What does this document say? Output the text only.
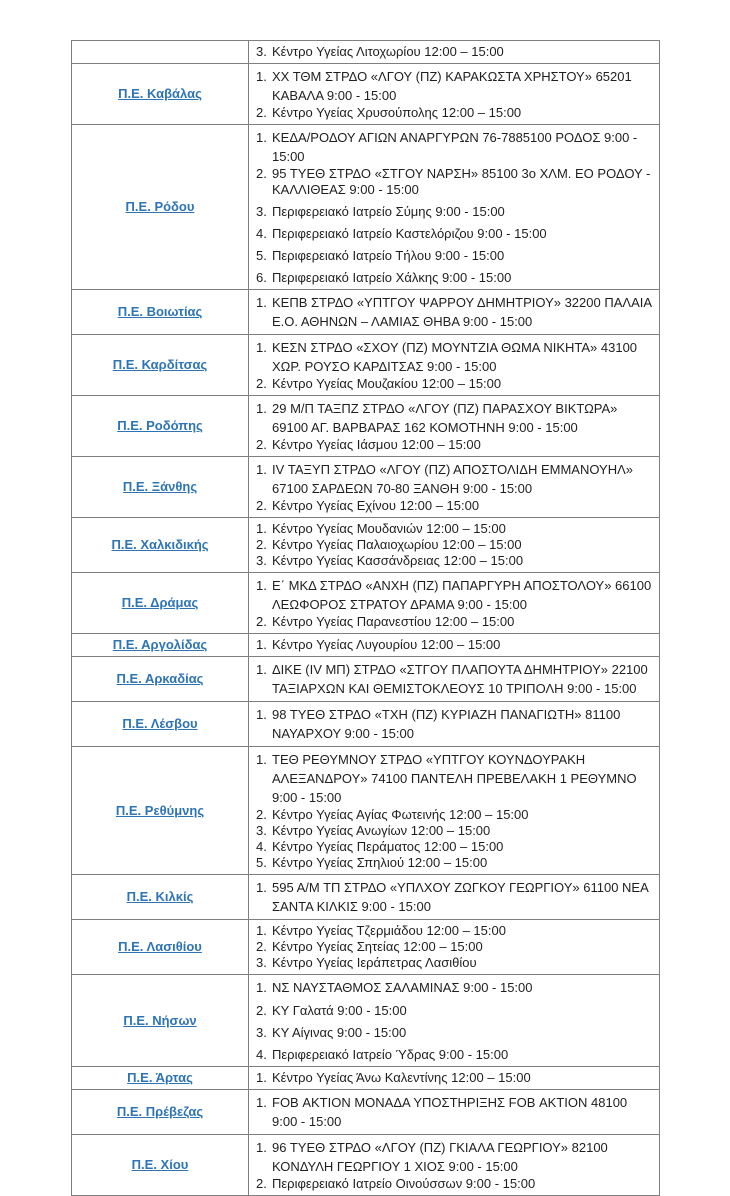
	3. Κέντρο Υγείας Λιτοχωρίου 12:00 – 15:00

Π.Ε. Καβάλας	1. ΧΧ ΤΘΜ ΣΤΡΔΟ «ΛΓΟΥ (ΠΖ) ΚΑΡΑΚΩΣΤΑ ΧΡΗΣΤΟΥ» 65201 ΚΑΒΑΛΑ 9:00 - 15:00
2. Κέντρο Υγείας Χρυσούπολης 12:00 – 15:00

Π.Ε. Ρόδου	
1. ΚΕΔΑ/ΡΟΔΟΥ ΑΓΙΩΝ ΑΝΑΡΓΥΡΩΝ 76-7885100 ΡΟΔΟΣ 9:00 - 15:00
2. 95 ΤΥΕΘ ΣΤΡΔΟ «ΣΤΓΟΥ ΝΑΡΣΗ» 85100 3ο ΧΛΜ. ΕΟ ΡΟΔΟΥ - ΚΑΛΛΙΘΕΑΣ 9:00 - 15:00
3. Περιφερειακό Ιατρείο Σύμης 9:00 - 15:00
4. Περιφερειακό Ιατρείο Καστελόριζου 9:00 - 15:00
5. Περιφερειακό Ιατρείο Τήλου 9:00 - 15:00
6. Περιφερειακό Ιατρείο Χάλκης 9:00 - 15:00

Π.Ε. Βοιωτίας	1. ΚΕΠΒ ΣΤΡΔΟ «ΥΠΤΓΟΥ ΨΑΡΡΟΥ ΔΗΜΗΤΡΙΟΥ» 32200 ΠΑΛΑΙΑ Ε.Ο. ΑΘΗΝΩΝ – ΛΑΜΙΑΣ ΘΗΒΑ 9:00 - 15:00

Π.Ε. Καρδίτσας	1. ΚΕΣΝ ΣΤΡΔΟ «ΣΧΟΥ (ΠΖ) ΜΟΥΝΤΖΙΑ ΘΩΜΑ ΝΙΚΗΤΑ» 43100 ΧΩΡ. ΡΟΥΣΟ ΚΑΡΔΙΤΣΑΣ 9:00 - 15:00
2. Κέντρο Υγείας Μουζακίου 12:00 – 15:00

Π.Ε. Ροδόπης	1. 29 Μ/Π ΤΑΞΠΖ ΣΤΡΔΟ «ΛΓΟΥ (ΠΖ) ΠΑΡΑΣΧΟΥ ΒΙΚΤΩΡΑ» 69100 ΑΓ. ΒΑΡΒΑΡΑΣ 162 ΚΟΜΟΤΗΝΗ 9:00 - 15:00
2. Κέντρο Υγείας Ιάσμου 12:00 – 15:00

Π.Ε. Ξάνθης	1. IV ΤΑΞΥΠ ΣΤΡΔΟ «ΛΓΟΥ (ΠΖ) ΑΠΟΣΤΟΛΙΔΗ ΕΜΜΑΝΟΥΗΛ» 67100 ΣΑΡΔΕΩΝ 70-80 ΞΑΝΘΗ 9:00 - 15:00
2. Κέντρο Υγείας Εχίνου 12:00 – 15:00

Π.Ε. Χαλκιδικής	
1. Κέντρο Υγείας Μουδανιών 12:00 – 15:00
2. Κέντρο Υγείας Παλαιοχωρίου 12:00 – 15:00
3. Κέντρο Υγείας Κασσάνδρειας 12:00 – 15:00

Π.Ε. Δράμας	1. Ε΄ ΜΚΔ ΣΤΡΔΟ «ΑΝΧΗ (ΠΖ) ΠΑΠΑΡΓΥΡΗ ΑΠΟΣΤΟΛΟΥ» 66100 ΛΕΩΦΟΡΟΣ ΣΤΡΑΤΟΥ ΔΡΑΜΑ 9:00 - 15:00
2. Κέντρο Υγείας Παρανεστίου 12:00 – 15:00

Π.Ε. Αργολίδας	1. Κέντρο Υγείας Λυγουρίου 12:00 – 15:00

Π.Ε. Αρκαδίας	1. ΔΙΚΕ (IV ΜΠ) ΣΤΡΔΟ «ΣΤΓΟΥ ΠΛΑΠΟΥΤΑ ΔΗΜΗΤΡΙΟΥ» 22100 ΤΑΞΙΑΡΧΩΝ ΚΑΙ ΘΕΜΙΣΤΟΚΛΕΟΥΣ 10 ΤΡΙΠΟΛΗ 9:00 - 15:00

Π.Ε. Λέσβου	1. 98 ΤΥΕΘ ΣΤΡΔΟ «ΤΧΗ (ΠΖ) ΚΥΡΙΑΖΗ ΠΑΝΑΓΙΩΤΗ» 81100 ΝΑΥΑΡΧΟΥ 9:00 - 15:00

Π.Ε. Ρεθύμνης	
1. ΤΕΘ ΡΕΘΥΜΝΟΥ ΣΤΡΔΟ «ΥΠΤΓΟΥ ΚΟΥΝΔΟΥΡΑΚΗ ΑΛΕΞΑΝΔΡΟΥ» 74100 ΠΑΝΤΕΛΗ ΠΡΕΒΕΛΑΚΗ 1 ΡΕΘΥΜΝΟ 9:00 - 15:00
2. Κέντρο Υγείας Αγίας Φωτεινής 12:00 – 15:00
3. Κέντρο Υγείας Ανωγίων 12:00 – 15:00
4. Κέντρο Υγείας Περάματος 12:00 – 15:00
5. Κέντρο Υγείας Σπηλιού 12:00 – 15:00

Π.Ε. Κιλκίς	1. 595 Α/Μ ΤΠ ΣΤΡΔΟ «ΥΠΛΧΟΥ ΖΩΓΚΟΥ ΓΕΩΡΓΙΟΥ» 61100 ΝΕΑ ΣΑΝΤΑ ΚΙΛΚΙΣ 9:00 - 15:00

Π.Ε. Λασιθίου	
1. Κέντρο Υγείας Τζερμιάδου 12:00 – 15:00
2. Κέντρο Υγείας Σητείας 12:00 – 15:00
3. Κέντρο Υγείας Ιεράπετρας Λασιθίου

Π.Ε. Νήσων	
1. ΝΣ ΝΑΥΣΤΑΘΜΟΣ ΣΑΛΑΜΙΝΑΣ 9:00 - 15:00
2. ΚΥ Γαλατά 9:00 - 15:00
3. ΚΥ Αίγινας 9:00 - 15:00
4. Περιφερειακό Ιατρείο Ύδρας 9:00 - 15:00

Π.Ε. Άρτας	1. Κέντρο Υγείας Άνω Καλεντίνης 12:00 – 15:00

Π.Ε. Πρέβεζας	1. FOB ΑΚΤΙΟΝ ΜΟΝΑΔΑ ΥΠΟΣΤΗΡΙΞΗΣ FOB ΑΚΤΙΟΝ 48100 9:00 - 15:00

Π.Ε. Χίου	1. 96 ΤΥΕΘ ΣΤΡΔΟ «ΛΓΟΥ (ΠΖ) ΓΚΙΑΛΑ ΓΕΩΡΓΙΟΥ» 82100 ΚΟΝΔΥΛΗ ΓΕΩΡΓΙΟΥ 1 ΧΙΟΣ 9:00 - 15:00
2. Περιφερειακό Ιατρείο Οινούσσων 9:00 - 15:00
